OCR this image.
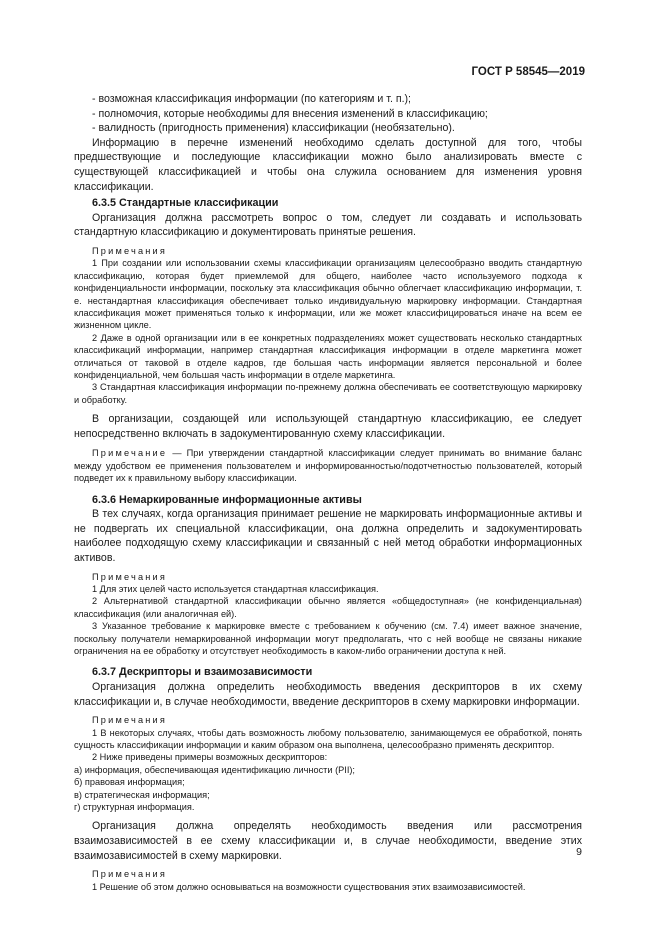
ГОСТ Р 58545—2019

- возможная классификация информации (по категориям и т. п.);

- полномочия, которые необходимы для внесения изменений в классификацию;

- валидность (пригодность применения) классификации (необязательно).

Информацию в перечне изменений необходимо сделать доступной для того, чтобы предшествующие и последующие классификации можно было анализировать вместе с существующей классификацией и чтобы она служила основанием для изменения уровня классификации.

6.3.5 Стандартные классификации

Организация должна рассмотреть вопрос о том, следует ли создавать и использовать стандартную классификацию и документировать принятые решения.

Примечания

1 При создании или использовании схемы классификации организациям целесообразно вводить стандартную классификацию, которая будет приемлемой для общего, наиболее часто используемого подхода к конфиденциальности информации, поскольку эта классификация обычно облегчает классификацию информации, т. е. нестандартная классификация обеспечивает только индивидуальную маркировку информации. Стандартная классификация может применяться только к информации, или же может классифицироваться иначе на всем ее жизненном цикле.

2 Даже в одной организации или в ее конкретных подразделениях может существовать несколько стандартных классификаций информации, например стандартная классификация информации в отделе маркетинга может отличаться от таковой в отделе кадров, где большая часть информации является персональной и более конфиденциальной, чем большая часть информации в отделе маркетинга.

3 Стандартная классификация информации по-прежнему должна обеспечивать ее соответствующую маркировку и обработку.

В организации, создающей или использующей стандартную классификацию, ее следует непосредственно включать в задокументированную схему классификации.

Примечание — При утверждении стандартной классификации следует принимать во внимание баланс между удобством ее применения пользователем и информированностью/подотчетностью пользователей, который подведет их к правильному выбору классификации.

6.3.6 Немаркированные информационные активы

В тех случаях, когда организация принимает решение не маркировать информационные активы и не подвергать их специальной классификации, она должна определить и задокументировать наиболее подходящую схему классификации и связанный с ней метод обработки информационных активов.

Примечания

1 Для этих целей часто используется стандартная классификация.

2 Альтернативой стандартной классификации обычно является «общедоступная» (не конфиденциальная) классификация (или аналогичная ей).

3 Указанное требование к маркировке вместе с требованием к обучению (см. 7.4) имеет важное значение, поскольку получатели немаркированной информации могут предполагать, что с ней вообще не связаны никакие ограничения на ее обработку и отсутствует необходимость в каком-либо ограничении доступа к ней.

6.3.7 Дескрипторы и взаимозависимости

Организация должна определить необходимость введения дескрипторов в их схему классификации и, в случае необходимости, введение дескрипторов в схему маркировки информации.

Примечания

1 В некоторых случаях, чтобы дать возможность любому пользователю, занимающемуся ее обработкой, понять сущность классификации информации и каким образом она выполнена, целесообразно применять дескриптор.

2 Ниже приведены примеры возможных дескрипторов:

а) информация, обеспечивающая идентификацию личности (PII);

б) правовая информация;

в) стратегическая информация;

г) структурная информация.

Организация должна определять необходимость введения или рассмотрения взаимозависимостей в ее схему классификации и, в случае необходимости, введение этих взаимозависимостей в схему маркировки.

Примечания

1 Решение об этом должно основываться на возможности существования этих взаимозависимостей.

9
